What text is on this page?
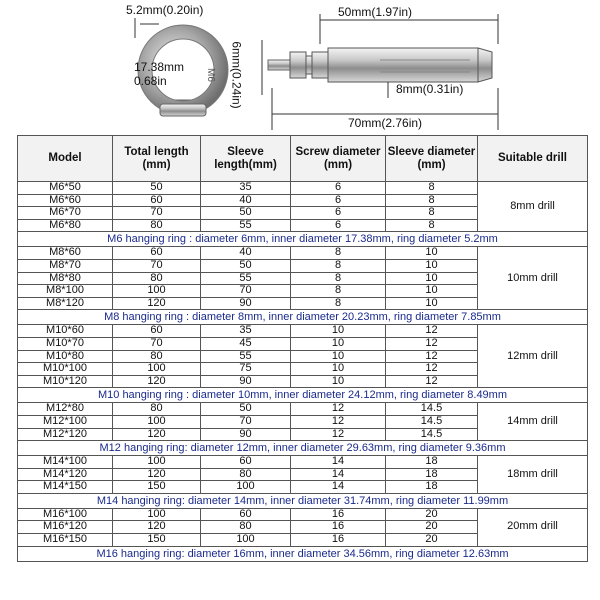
M6
5.2mm(0.20in)
17.38mm
0.68in
50mm(1.97in)
8mm(0.31in)
70mm(2.76in)
6mm(0.24in)
Model	Total length (mm)	Sleeve length(mm)	Screw diameter (mm)	Sleeve diameter (mm)	Suitable drill
M6*50	50	35	6	8	8mm drill
M6*60	60	40	6	8	
M6*70	70	50	6	8	
M6*80	80	55	6	8	
M6 hanging ring : diameter 6mm, inner diameter 17.38mm, ring diameter 5.2mm					
M8*60	60	40	8	10	10mm drill
M8*70	70	50	8	10	
M8*80	80	55	8	10	
M8*100	100	70	8	10	
M8*120	120	90	8	10	
M8 hanging ring : diameter 8mm, inner diameter 20.23mm, ring diameter 7.85mm					
M10*60	60	35	10	12	12mm drill
M10*70	70	45	10	12	
M10*80	80	55	10	12	
M10*100	100	75	10	12	
M10*120	120	90	10	12	
M10 hanging ring : diameter 10mm, inner diameter 24.12mm, ring diameter 8.49mm					
M12*80	80	50	12	14.5	14mm drill
M12*100	100	70	12	14.5	
M12*120	120	90	12	14.5	
M12 hanging ring: diameter 12mm, inner diameter 29.63mm, ring diameter 9.36mm					
M14*100	100	60	14	18	18mm drill
M14*120	120	80	14	18	
M14*150	150	100	14	18	
M14 hanging ring: diameter 14mm, inner diameter 31.74mm, ring diameter 11.99mm					
M16*100	100	60	16	20	20mm drill
M16*120	120	80	16	20	
M16*150	150	100	16	20	
M16 hanging ring: diameter 16mm, inner diameter 34.56mm, ring diameter 12.63mm					
